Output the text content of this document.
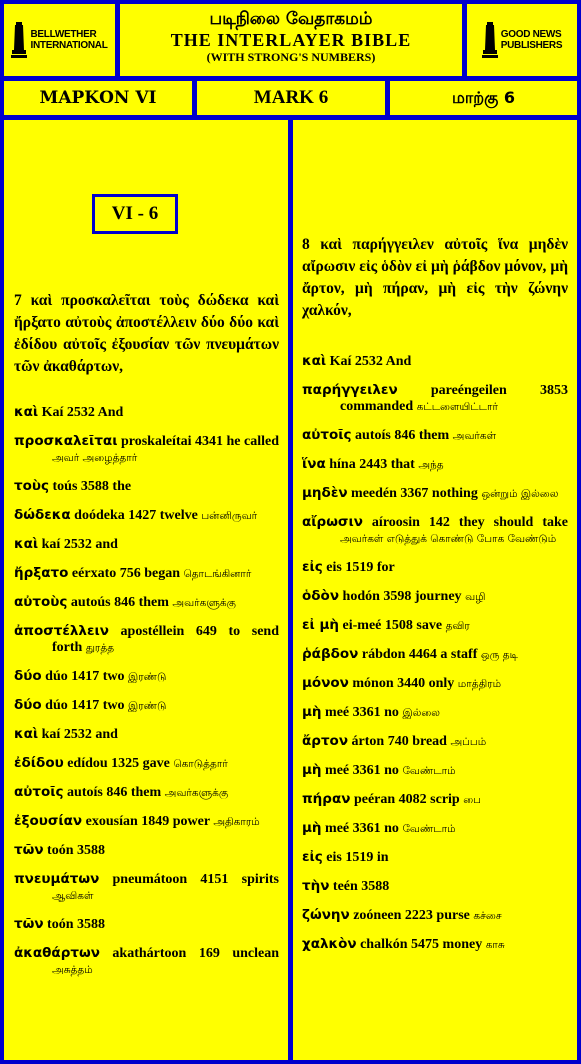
BELLWETHER
INTERNATIONAL
படிநிலை வேதாகமம்
THE INTERLAYER BIBLE
(WITH STRONG'S NUMBERS)
GOOD NEWS
PUBLISHERS
ΜΑΡΚΟΝ VI	MARK 6	மாற்கு 6
VI - 6
7 καὶ προσκαλεῖται τοὺς δώδεκα καὶ ἤρξατο αὐτοὺς ἀποστέλλειν δύο δύο καὶ ἐδίδου αὐτοῖς ἐξουσίαν τῶν πνευμάτων τῶν ἀκαθάρτων,

καὶ Kaí 2532 And

προσκαλεῖται proskaleítai 4341 he called அவர் அழைத்தார்

τοὺς toús 3588 the

δώδεκα doódeka 1427 twelve பன்னிருவர்

καὶ kaí 2532 and

ἤρξατο eérxato 756 began தொடங்கினார்

αὐτοὺς autoús 846 them அவர்களுக்கு

ἀποστέλλειν apostéllein 649 to send forth துரத்த

δύο dúo 1417 two இரண்டு

δύο dúo 1417 two இரண்டு

καὶ kaí 2532 and

ἐδίδου edídou 1325 gave கொடுத்தார்

αὐτοῖς autoís 846 them அவர்களுக்கு

ἐξουσίαν exousían 1849 power அதிகாரம்

τῶν toón 3588

πνευμάτων pneumátoon 4151 spirits ஆவிகள்

τῶν toón 3588

ἀκαθάρτων akathártoon 169 unclean அசுத்தம்

8 καὶ παρήγγειλεν αὐτοῖς ἵνα μηδὲν αἴρωσιν εἰς ὁδὸν εἰ μὴ ῥάβδον μόνον, μὴ ἄρτον, μὴ πήραν, μὴ εἰς τὴν ζώνην χαλκόν,

καὶ Kaí 2532 And

παρήγγειλεν pareéngeilen 3853 commanded கட்டளையிட்டார்

αὐτοῖς autoís 846 them அவர்கள்

ἵνα hína 2443 that அந்த

μηδὲν meedén 3367 nothing ஒன்றும் இல்லை

αἴρωσιν aíroosin 142 they should take அவர்கள் எடுத்துக் கொண்டு போக வேண்டும்

εἰς eis 1519 for

ὁδὸν hodón 3598 journey வழி

εἰ μὴ ei-meé 1508 save தவிர

ῥάβδον rábdon 4464 a staff ஒரு தடி

μόνον mónon 3440 only மாத்திரம்

μὴ meé 3361 no இல்லை

ἄρτον árton 740 bread அப்பம்

μὴ meé 3361 no வேண்டாம்

πήραν peéran 4082 scrip பை

μὴ meé 3361 no வேண்டாம்

εἰς eis 1519 in

τὴν teén 3588

ζώνην zoóneen 2223 purse கச்சை

χαλκὸν chalkón 5475 money காசு
